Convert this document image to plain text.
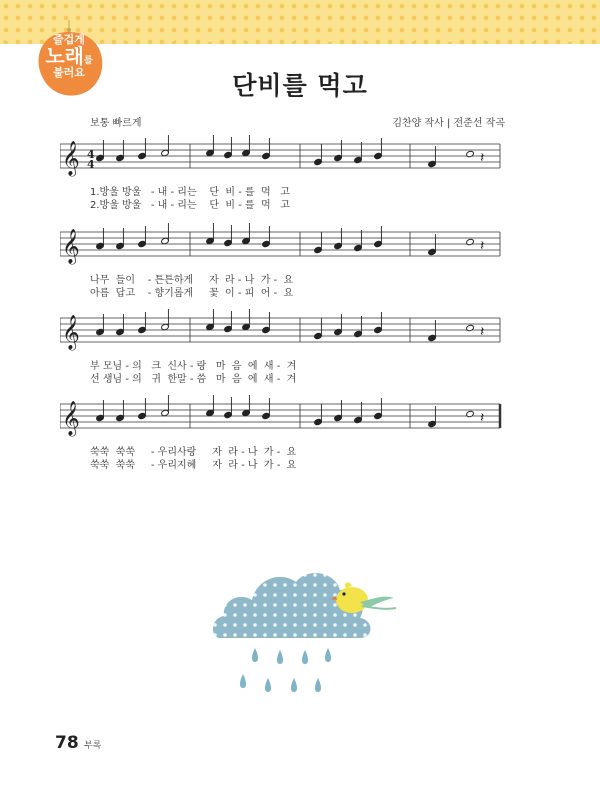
즐겁게
노래를
불러요	단비를 먹고
보통 빠르게	김찬양 작사 | 전준선 작곡
𝄞
𝄞
𝄞
𝄞
𝄽
𝄽
𝄽
𝄽
4
4
1.방울 방울   - 내 - 리는    단  비 - 를  먹   고
2.방울 방울   - 내 - 리는    단  비 - 를  먹   고
나무  들이    - 튼튼하게     자  라 - 나  가 -  요
아름  답고    - 향기롭게     꽃  이 - 피  어 -  요
부 모님 - 의   크  신사 - 랑   마  음  에  새 -  겨
선 생님 - 의   귀  한말 - 씀   마  음  에  새 -  겨
쑥쑥  쑥쑥     - 우리사랑     자  라 - 나  가 -  요
쑥쑥  쑥쑥     - 우리지혜     자  라 - 나  가 -  요
78 부록
